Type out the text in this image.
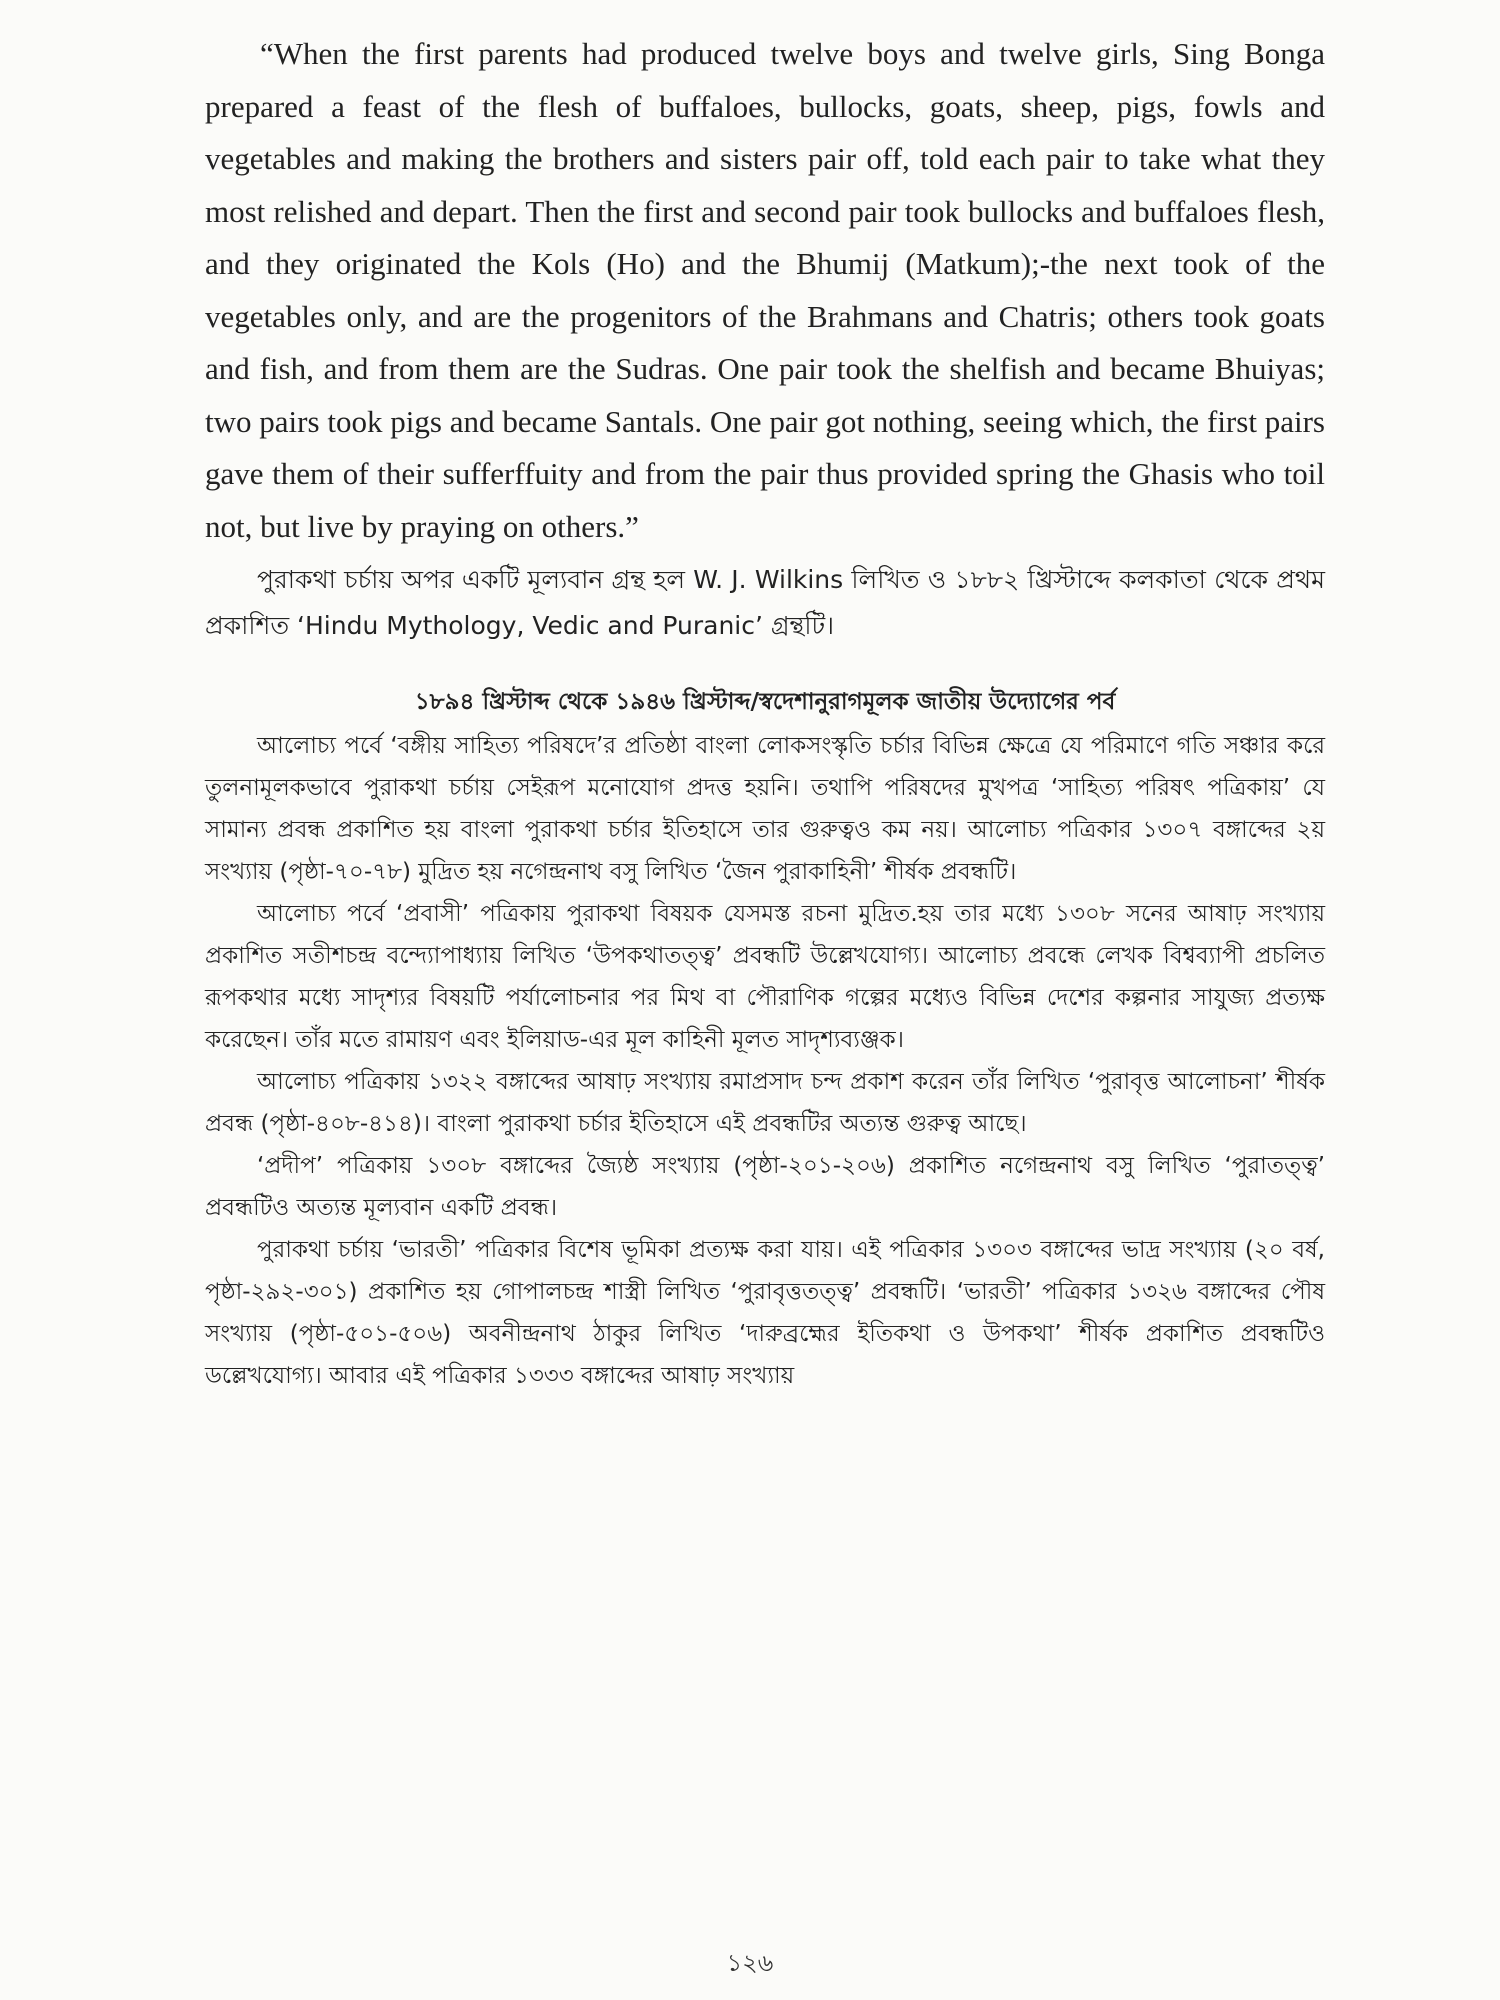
“When the first parents had produced twelve boys and twelve girls, Sing Bonga prepared a feast of the flesh of buffaloes, bullocks, goats, sheep, pigs, fowls and vegetables and making the brothers and sisters pair off, told each pair to take what they most relished and depart. Then the first and second pair took bullocks and buffaloes flesh, and they originated the Kols (Ho) and the Bhumij (Matkum);-the next took of the vegetables only, and are the progenitors of the Brahmans and Chatris; others took goats and fish, and from them are the Sudras. One pair took the shelfish and became Bhuiyas; two pairs took pigs and became Santals. One pair got nothing, seeing which, the first pairs gave them of their sufferffuity and from the pair thus provided spring the Ghasis who toil not, but live by praying on others.”

পুরাকথা চর্চায় অপর একটি মূল্যবান গ্রন্থ হল W. J. Wilkins লিখিত ও ১৮৮২ খ্রিস্টাব্দে কলকাতা থেকে প্রথম প্রকাশিত ‘Hindu Mythology, Vedic and Puranic’ গ্রন্থটি।

১৮৯৪ খ্রিস্টাব্দ থেকে ১৯৪৬ খ্রিস্টাব্দ/স্বদেশানুরাগমূলক জাতীয় উদ্যোগের পর্ব

আলোচ্য পর্বে ‘বঙ্গীয় সাহিত্য পরিষদে’র প্রতিষ্ঠা বাংলা লোকসংস্কৃতি চর্চার বিভিন্ন ক্ষেত্রে যে পরিমাণে গতি সঞ্চার করে তুলনামূলকভাবে পুরাকথা চর্চায় সেইরূপ মনোযোগ প্রদত্ত হয়নি। তথাপি পরিষদের মুখপত্র ‘সাহিত্য পরিষৎ পত্রিকায়’ যে সামান্য প্রবন্ধ প্রকাশিত হয় বাংলা পুরাকথা চর্চার ইতিহাসে তার গুরুত্বও কম নয়। আলোচ্য পত্রিকার ১৩০৭ বঙ্গাব্দের ২য় সংখ্যায় (পৃষ্ঠা-৭০-৭৮) মুদ্রিত হয় নগেন্দ্রনাথ বসু লিখিত ‘জৈন পুরাকাহিনী’ শীর্ষক প্রবন্ধটি।

আলোচ্য পর্বে ‘প্রবাসী’ পত্রিকায় পুরাকথা বিষয়ক যেসমস্ত রচনা মুদ্রিত.হয় তার মধ্যে ১৩০৮ সনের আষাঢ় সংখ্যায় প্রকাশিত সতীশচন্দ্র বন্দ্যোপাধ্যায় লিখিত ‘উপকথাতত্ত্ব’ প্রবন্ধটি উল্লেখযোগ্য। আলোচ্য প্রবন্ধে লেখক বিশ্বব্যাপী প্রচলিত রূপকথার মধ্যে সাদৃশ্যর বিষয়টি পর্যালোচনার পর মিথ বা পৌরাণিক গল্পের মধ্যেও বিভিন্ন দেশের কল্পনার সাযুজ্য প্রত্যক্ষ করেছেন। তাঁর মতে রামায়ণ এবং ইলিয়াড-এর মূল কাহিনী মূলত সাদৃশ্যব্যঞ্জক।

আলোচ্য পত্রিকায় ১৩২২ বঙ্গাব্দের আষাঢ় সংখ্যায় রমাপ্রসাদ চন্দ প্রকাশ করেন তাঁর লিখিত ‘পুরাবৃত্ত আলোচনা’ শীর্ষক প্রবন্ধ (পৃষ্ঠা-৪০৮-৪১৪)। বাংলা পুরাকথা চর্চার ইতিহাসে এই প্রবন্ধটির অত্যন্ত গুরুত্ব আছে।

‘প্রদীপ’ পত্রিকায় ১৩০৮ বঙ্গাব্দের জ্যৈষ্ঠ সংখ্যায় (পৃষ্ঠা-২০১-২০৬) প্রকাশিত নগেন্দ্রনাথ বসু লিখিত ‘পুরাতত্ত্ব’ প্রবন্ধটিও অত্যন্ত মূল্যবান একটি প্রবন্ধ।

পুরাকথা চর্চায় ‘ভারতী’ পত্রিকার বিশেষ ভূমিকা প্রত্যক্ষ করা যায়। এই পত্রিকার ১৩০৩ বঙ্গাব্দের ভাদ্র সংখ্যায় (২০ বর্ষ, পৃষ্ঠা-২৯২-৩০১) প্রকাশিত হয় গোপালচন্দ্র শাস্ত্রী লিখিত ‘পুরাবৃত্ততত্ত্ব’ প্রবন্ধটি। ‘ভারতী’ পত্রিকার ১৩২৬ বঙ্গাব্দের পৌষ সংখ্যায় (পৃষ্ঠা-৫০১-৫০৬) অবনীন্দ্রনাথ ঠাকুর লিখিত ‘দারুব্রহ্মের ইতিকথা ও উপকথা’ শীর্ষক প্রকাশিত প্রবন্ধটিও ডল্লেখযোগ্য। আবার এই পত্রিকার ১৩৩৩ বঙ্গাব্দের আষাঢ় সংখ্যায়

১২৬
